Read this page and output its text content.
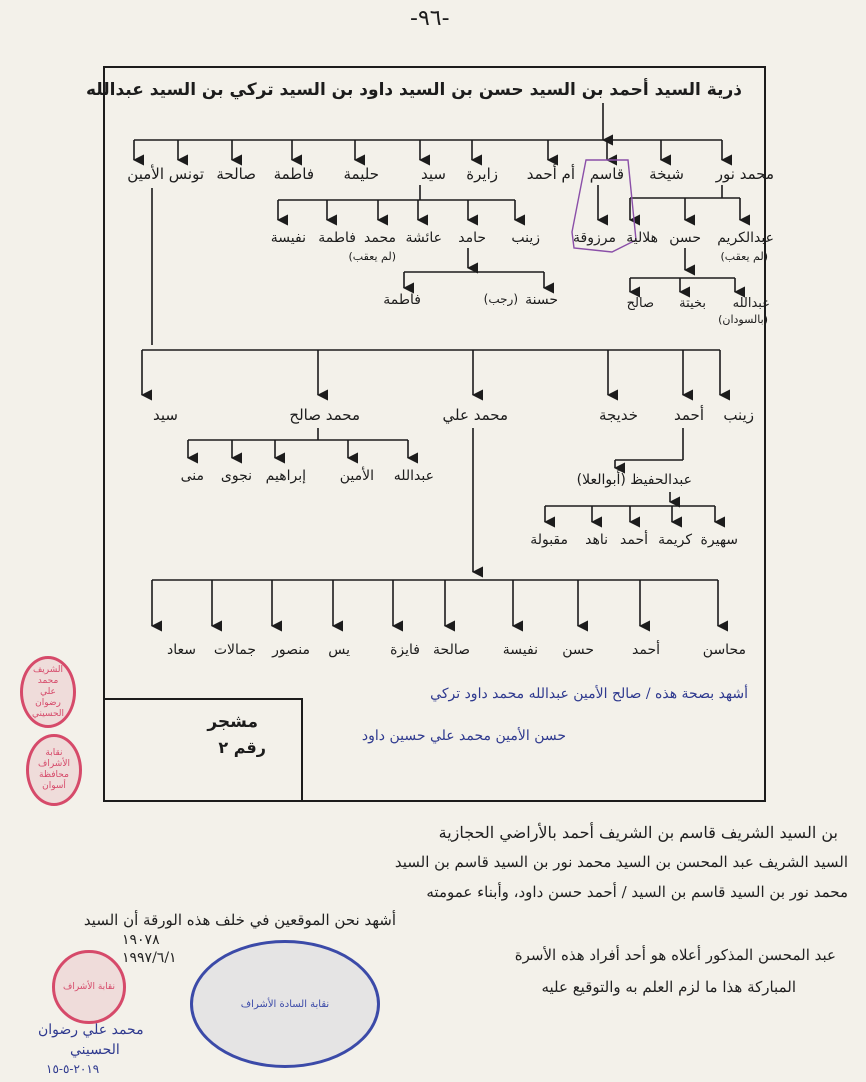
-٩٦-
ذرية السيد أحمد بن السيد حسن بن السيد داود بن السيد تركي بن السيد عبدالله
محمد نور
شيخة
قاسم
أم أحمد
زايرة
سيد
حليمة
فاطمة
صالحة
تونس الأمين
عبدالكريم
(لم يعقب)
حسن
هلالية
عبدالله
(بالسودان)
بخيتة
صالح
مرزوقة
زينب
حامد
عائشة
محمد
(لم يعقب)
فاطمة
نفيسة
حسنة
(رجب)
فاطمة
زينب
أحمد
خديجة
محمد علي
محمد صالح
سيد
عبدالله
الأمين
إبراهيم
نجوى
منى	عبدالحفيظ (أبوالعلا)
سهيرة
كريمة
أحمد
ناهد
مقبولة
محاسن
أحمد
حسن
نفيسة
صالحة
فايزة
يس
منصور
جمالات
سعاد
مشجر
رقم ٢
أشهد بصحة هذه / صالح الأمين عبدالله محمد داود تركي
حسن الأمين محمد علي حسين داود
الشريف محمد علي رضوان الحسيني
نقابة الأشراف محافظة أسوان
بن السيد الشريف قاسم بن الشريف أحمد بالأراضي الحجازية
السيد الشريف عبد المحسن بن السيد محمد نور بن السيد قاسم بن السيد
محمد نور بن السيد قاسم بن السيد / أحمد حسن داود، وأبناء عمومته
أشهد نحن الموقعين في خلف هذه الورقة أن السيد
عبد المحسن المذكور أعلاه هو أحد أفراد هذه الأسرة
المباركة هذا ما لزم العلم به والتوقيع عليه
١٩٠٧٨
١٩٩٧/٦/١
نقابة الأشراف
نقابة السادة الأشراف
محمد علي رضوان
الحسيني
٢٠١٩-٥-١٥
